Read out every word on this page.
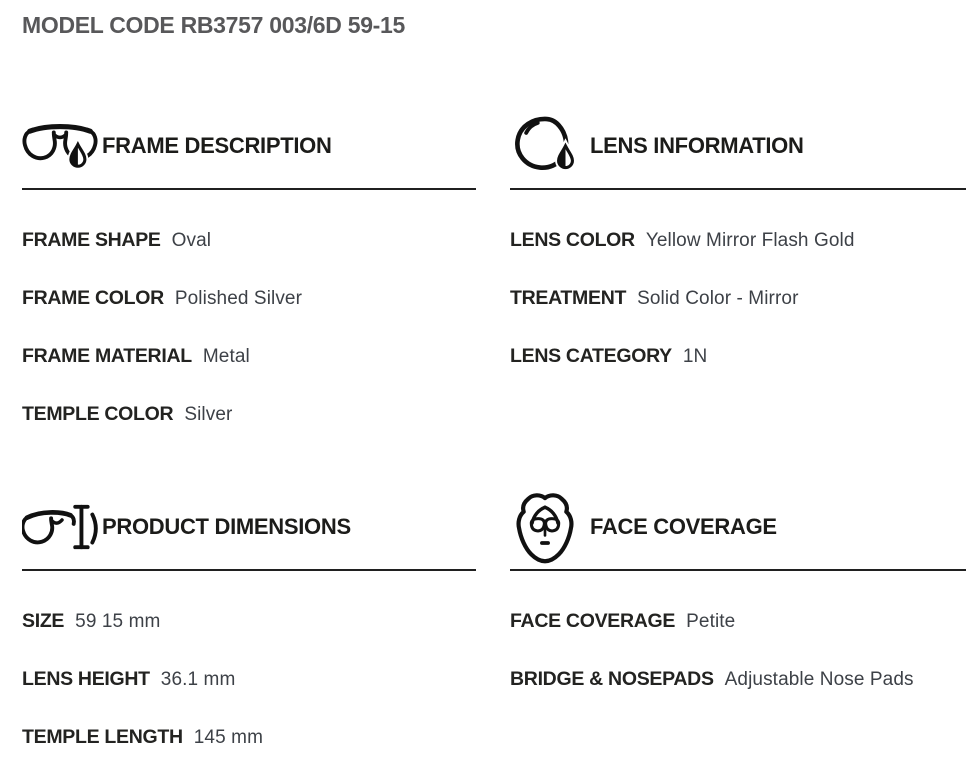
MODEL CODE RB3757 003/6D 59-15
FRAME DESCRIPTION
FRAME SHAPE Oval
FRAME COLOR Polished Silver
FRAME MATERIAL Metal
TEMPLE COLOR Silver
LENS INFORMATION
LENS COLOR Yellow Mirror Flash Gold
TREATMENT Solid Color - Mirror
LENS CATEGORY 1N
PRODUCT DIMENSIONS
SIZE 59 15 mm
LENS HEIGHT 36.1 mm
TEMPLE LENGTH 145 mm
FACE COVERAGE
FACE COVERAGE Petite
BRIDGE & NOSEPADS Adjustable Nose Pads
